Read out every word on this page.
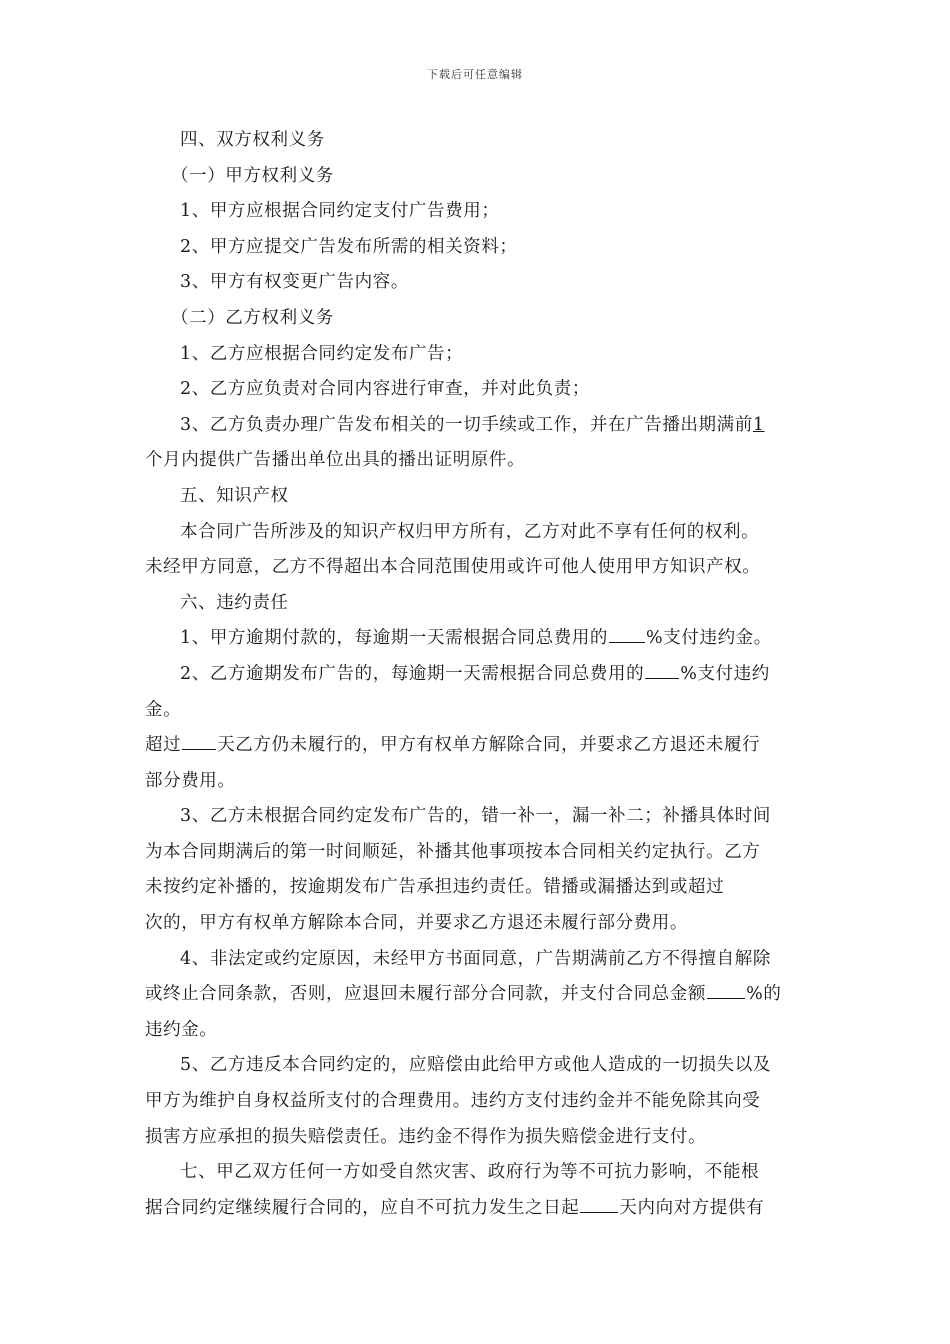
下载后可任意编辑
四、双方权利义务
（一）甲方权利义务
1、甲方应根据合同约定支付广告费用；
2、甲方应提交广告发布所需的相关资料；
3、甲方有权变更广告内容。
（二）乙方权利义务
1、乙方应根据合同约定发布广告；
2、乙方应负责对合同内容进行审查，并对此负责；
3、乙方负责办理广告发布相关的一切手续或工作，并在广告播出期满前1
个月内提供广告播出单位出具的播出证明原件。
五、知识产权
本合同广告所涉及的知识产权归甲方所有，乙方对此不享有任何的权利。
未经甲方同意，乙方不得超出本合同范围使用或许可他人使用甲方知识产权。
六、违约责任
1、甲方逾期付款的，每逾期一天需根据合同总费用的 %支付违约金。
2、乙方逾期发布广告的，每逾期一天需根据合同总费用的 %支付违约
金。
超过 天乙方仍未履行的，甲方有权单方解除合同，并要求乙方退还未履行
部分费用。
3、乙方未根据合同约定发布广告的，错一补一，漏一补二；补播具体时间
为本合同期满后的第一时间顺延，补播其他事项按本合同相关约定执行。乙方
未按约定补播的，按逾期发布广告承担违约责任。错播或漏播达到或超过
次的，甲方有权单方解除本合同，并要求乙方退还未履行部分费用。
4、非法定或约定原因，未经甲方书面同意，广告期满前乙方不得擅自解除
或终止合同条款，否则，应退回未履行部分合同款，并支付合同总金额 %的
违约金。
5、乙方违反本合同约定的，应赔偿由此给甲方或他人造成的一切损失以及
甲方为维护自身权益所支付的合理费用。违约方支付违约金并不能免除其向受
损害方应承担的损失赔偿责任。违约金不得作为损失赔偿金进行支付。
七、甲乙双方任何一方如受自然灾害、政府行为等不可抗力影响，不能根
据合同约定继续履行合同的，应自不可抗力发生之日起 天内向对方提供有
